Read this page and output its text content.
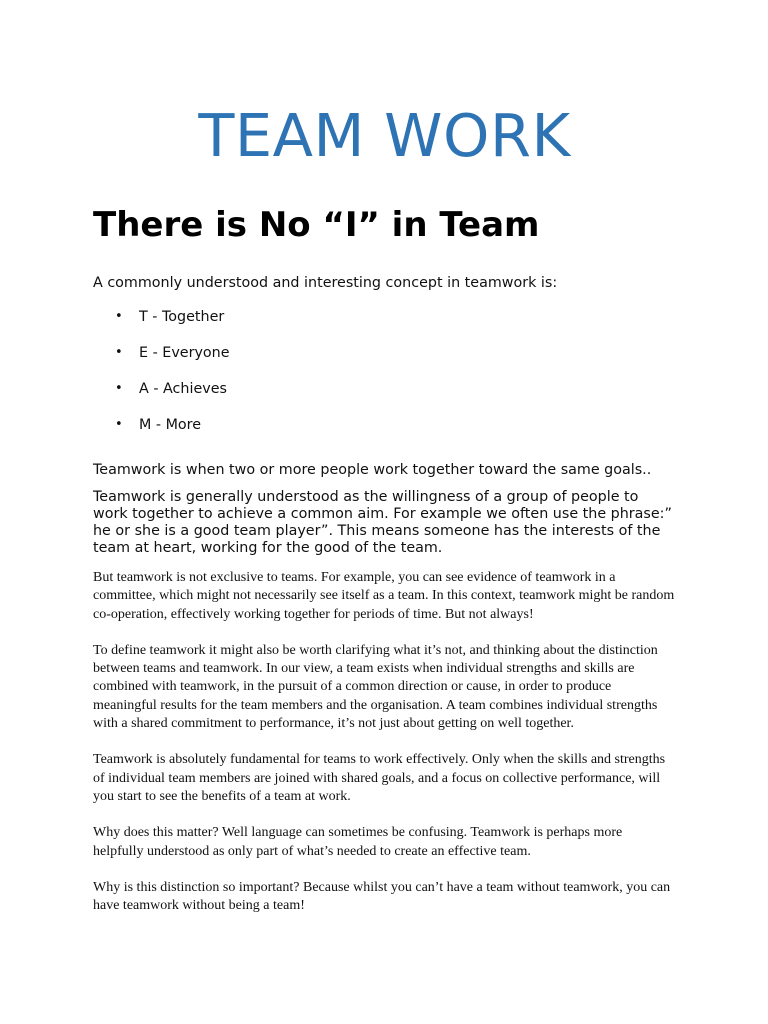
TEAM WORK
There is No “I” in Team

A commonly understood and interesting concept in teamwork is:

• T - Together
• E - Everyone
• A - Achieves
• M - More

Teamwork is when two or more people work together toward the same goals..

Teamwork is generally understood as the willingness of a group of people to work together to achieve a common aim. For example we often use the phrase:” he or she is a good team player”. This means someone has the interests of the team at heart, working for the good of the team.

But teamwork is not exclusive to teams. For example, you can see evidence of teamwork in a committee, which might not necessarily see itself as a team. In this context, teamwork might be random co-operation, effectively working together for periods of time. But not always!

To define teamwork it might also be worth clarifying what it’s not, and thinking about the distinction between teams and teamwork. In our view, a team exists when individual strengths and skills are combined with teamwork, in the pursuit of a common direction or cause, in order to produce meaningful results for the team members and the organisation. A team combines individual strengths with a shared commitment to performance, it’s not just about getting on well together.

Teamwork is absolutely fundamental for teams to work effectively. Only when the skills and strengths of individual team members are joined with shared goals, and a focus on collective performance, will you start to see the benefits of a team at work.

Why does this matter? Well language can sometimes be confusing. Teamwork is perhaps more helpfully understood as only part of what’s needed to create an effective team.

Why is this distinction so important? Because whilst you can’t have a team without teamwork, you can have teamwork without being a team!
